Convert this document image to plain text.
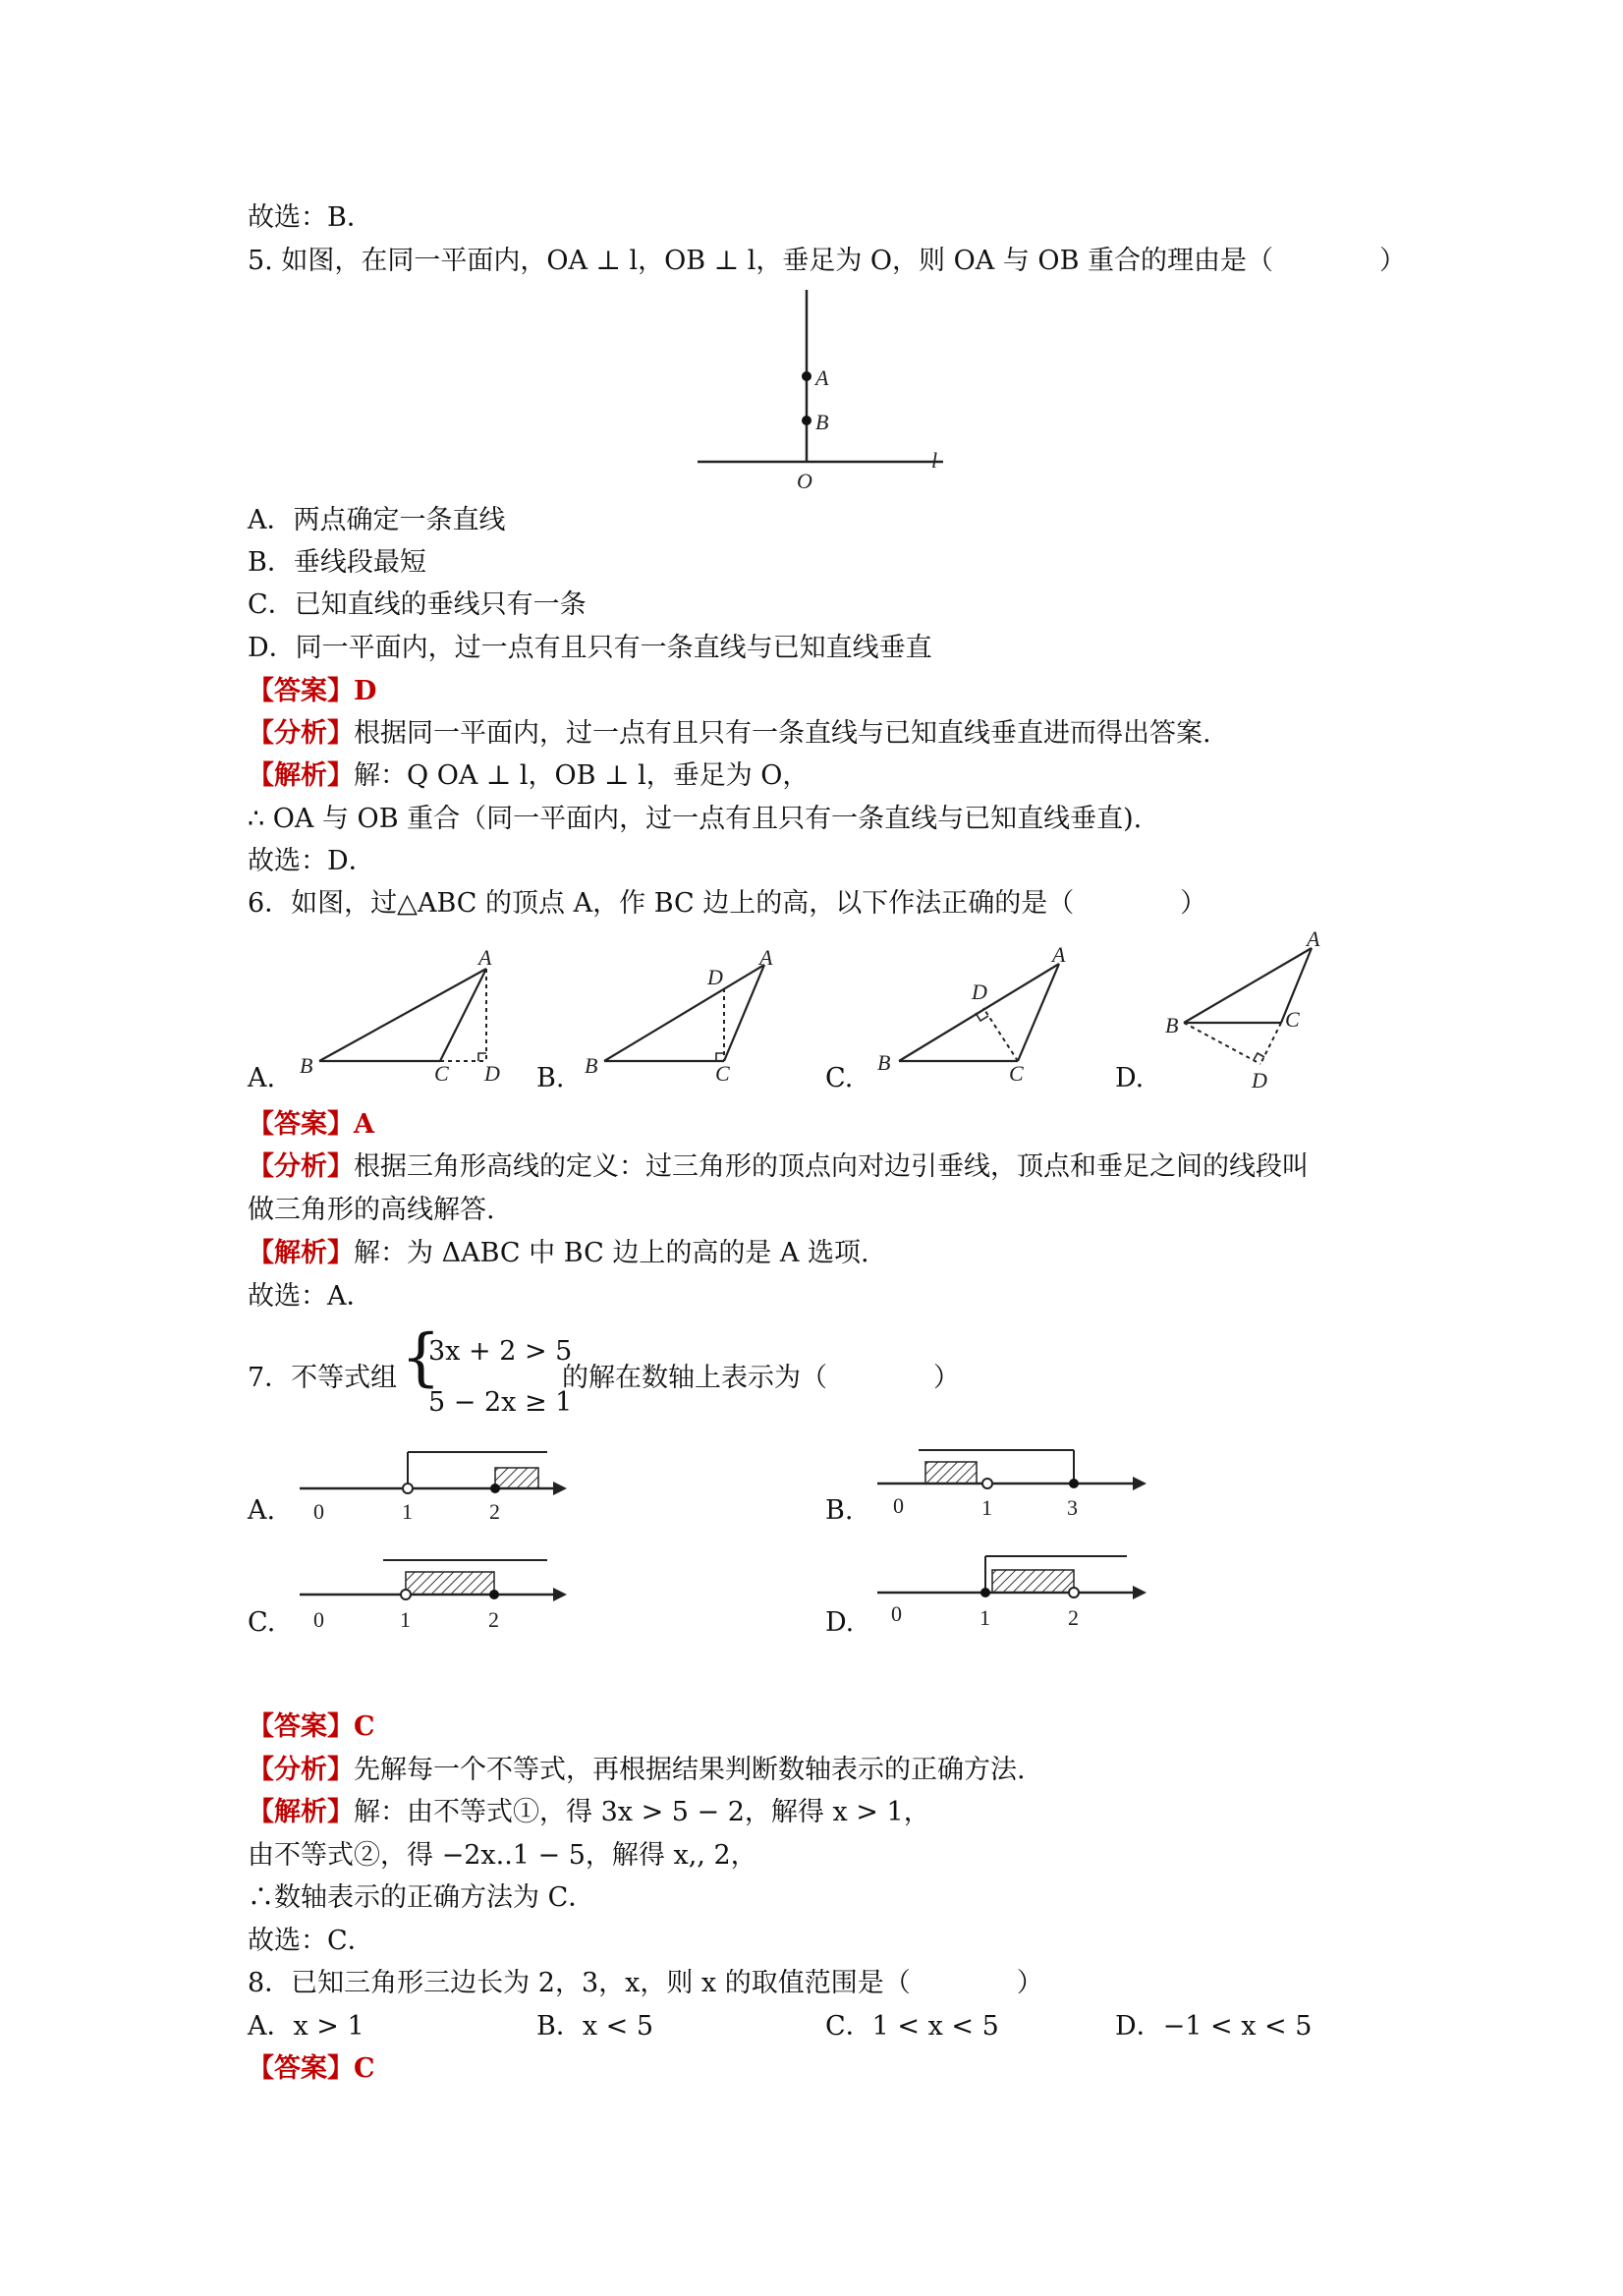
故选：B．
5. 如图，在同一平面内，OA ⊥ l，OB ⊥ l，垂足为 O，则 OA 与 OB 重合的理由是（　　　　）
A
B
O
l
A．两点确定一条直线
B．垂线段最短
C．已知直线的垂线只有一条
D．同一平面内，过一点有且只有一条直线与已知直线垂直
【答案】D
【分析】根据同一平面内，过一点有且只有一条直线与已知直线垂直进而得出答案.
【解析】解：Q OA ⊥ l，OB ⊥ l，垂足为 O，
∴ OA 与 OB 重合（同一平面内，过一点有且只有一条直线与已知直线垂直).
故选：D．
6．如图，过△ABC 的顶点 A，作 BC 边上的高，以下作法正确的是（　　　　）
A.
A
B	C D B.
D
A
B	C	C.
D
A
B	C	D.
A
B	C
D
【答案】A
【分析】根据三角形高线的定义：过三角形的顶点向对边引垂线，顶点和垂足之间的线段叫
做三角形的高线解答.
【解析】解：为 ΔABC 中 BC 边上的高的是 A 选项.
故选：A．
7．不等式组 {
3x + 2 > 5
5 − 2x ≥ 1
的解在数轴上表示为（　　　　）
A. 0	1	2	B. 0	1	3
C. 0	1	2	D. 0	1	2
【答案】C
【分析】先解每一个不等式，再根据结果判断数轴表示的正确方法.
【解析】解：由不等式①，得 3x > 5 − 2，解得 x > 1，
由不等式②，得 −2x..1 − 5，解得 x,, 2，
∴数轴表示的正确方法为 C．
故选：C．
8．已知三角形三边长为 2，3，x，则 x 的取值范围是（　　　　）
A．x > 1	B．x < 5	C．1 < x < 5	D．−1 < x < 5
【答案】C
